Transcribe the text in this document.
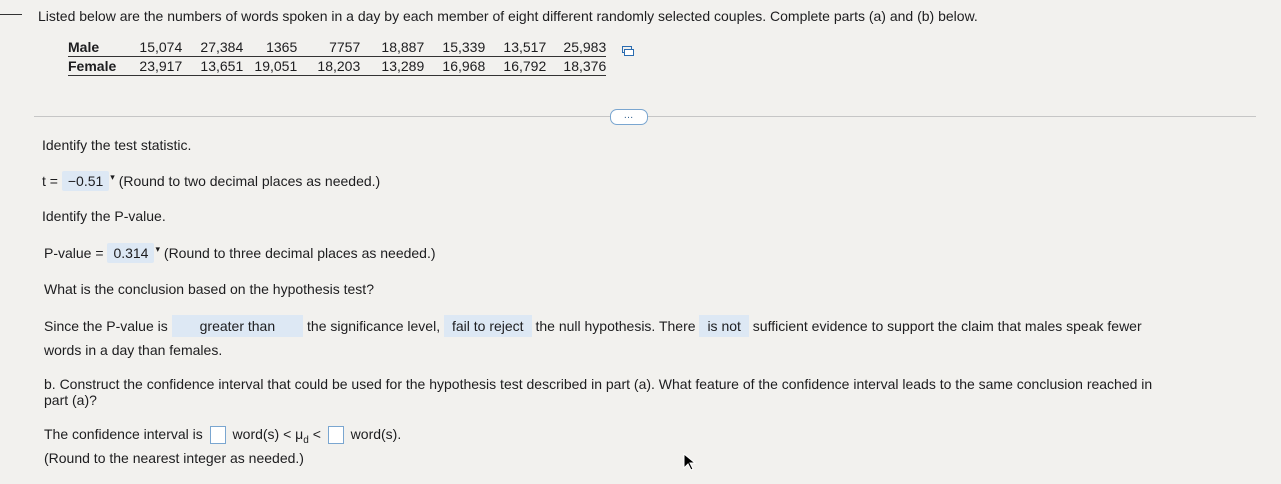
Listed below are the numbers of words spoken in a day by each member of eight different randomly selected couples. Complete parts (a) and (b) below.
Male	15,074	27,384	1365	7757	18,887	15,339	13,517	25,983
Female	23,917	13,651	19,051	18,203	13,289	16,968	16,792	18,376
…
Identify the test statistic.
t = −0.51 ▾ (Round to two decimal places as needed.)
Identify the P-value.
P-value = 0.314 ▾ (Round to three decimal places as needed.)
What is the conclusion based on the hypothesis test?
Since the P-value is greater than the significance level, fail to reject the null hypothesis. There is not sufficient evidence to support the claim that males speak fewer
words in a day than females.
b. Construct the confidence interval that could be used for the hypothesis test described in part (a). What feature of the confidence interval leads to the same conclusion reached in
part (a)?
The confidence interval is word(s) < $\mu_d$ < word(s).
(Round to the nearest integer as needed.)
